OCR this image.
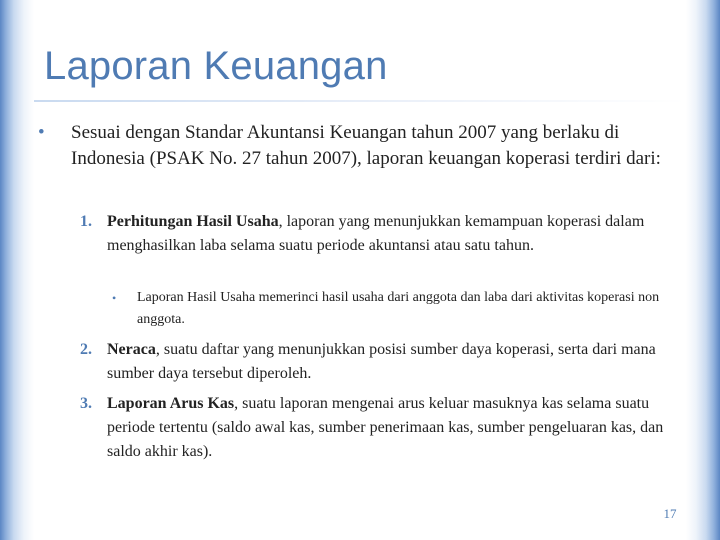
Laporan Keuangan
• Sesuai dengan Standar Akuntansi Keuangan tahun 2007 yang berlaku di Indonesia (PSAK No. 27 tahun 2007), laporan keuangan koperasi terdiri dari:
1. Perhitungan Hasil Usaha, laporan yang menunjukkan kemampuan koperasi dalam menghasilkan laba selama suatu periode akuntansi atau satu tahun.
• Laporan Hasil Usaha memerinci hasil usaha dari anggota dan laba dari aktivitas koperasi non anggota.
2. Neraca, suatu daftar yang menunjukkan posisi sumber daya koperasi, serta dari mana sumber daya tersebut diperoleh.
3. Laporan Arus Kas, suatu laporan mengenai arus keluar masuknya kas selama suatu periode tertentu (saldo awal kas, sumber penerimaan kas, sumber pengeluaran kas, dan saldo akhir kas).
17
